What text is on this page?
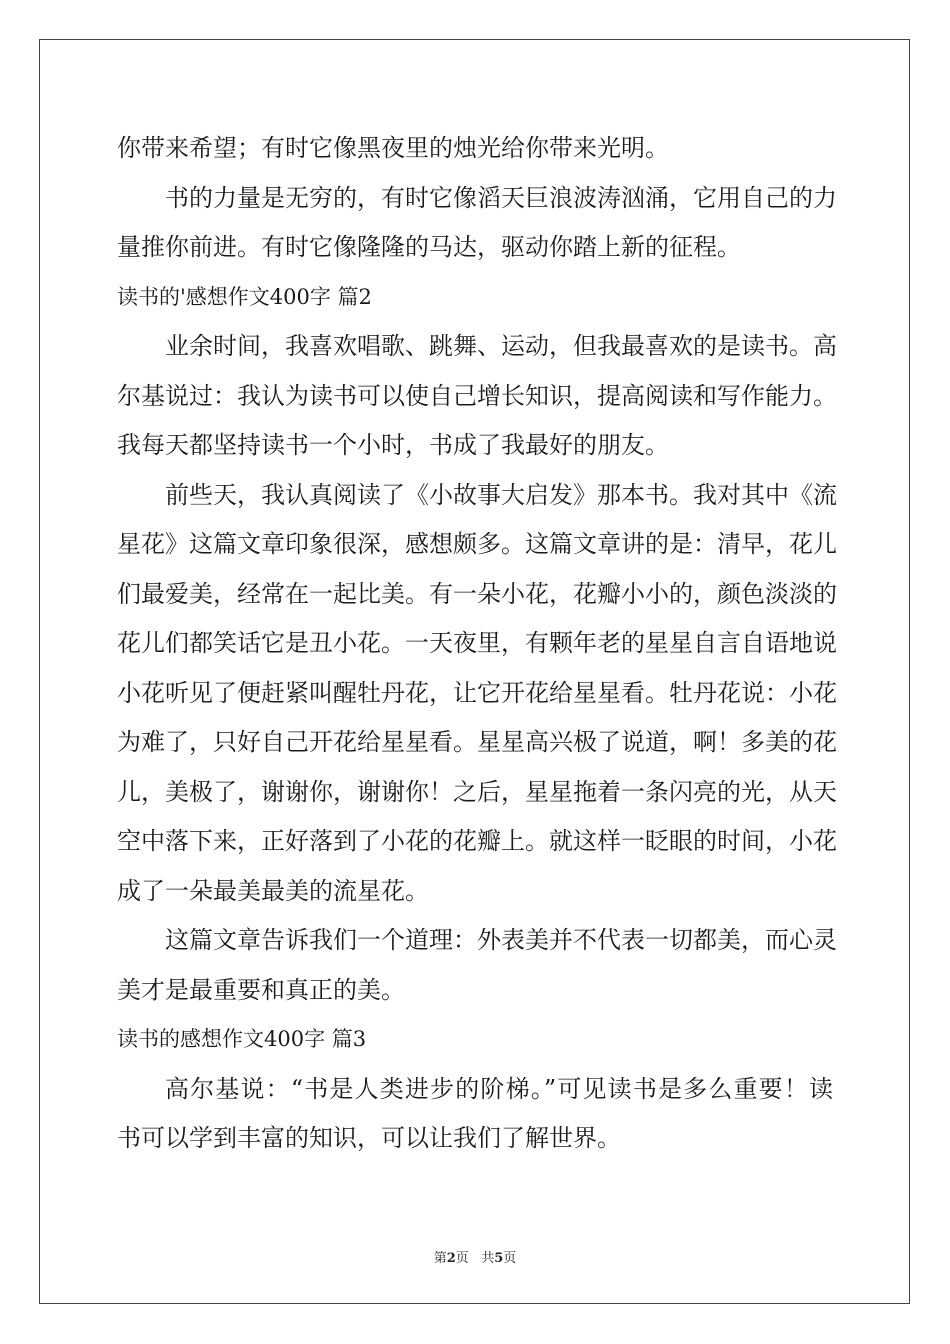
你带来希望；有时它像黑夜里的烛光给你带来光明。
书的力量是无穷的，有时它像滔天巨浪波涛汹涌，它用自己的力
量推你前进。有时它像隆隆的马达，驱动你踏上新的征程。
读书的'感想作文400字 篇2
业余时间，我喜欢唱歌、跳舞、运动，但我最喜欢的是读书。高
尔基说过：我认为读书可以使自己增长知识，提高阅读和写作能力。
我每天都坚持读书一个小时，书成了我最好的朋友。
前些天，我认真阅读了《小故事大启发》那本书。我对其中《流
星花》这篇文章印象很深，感想颇多。这篇文章讲的是：清早，花儿
们最爱美，经常在一起比美。有一朵小花，花瓣小小的，颜色淡淡的
花儿们都笑话它是丑小花。一天夜里，有颗年老的星星自言自语地说
小花听见了便赶紧叫醒牡丹花，让它开花给星星看。牡丹花说：小花
为难了，只好自己开花给星星看。星星高兴极了说道，啊！多美的花
儿，美极了，谢谢你，谢谢你！之后，星星拖着一条闪亮的光，从天
空中落下来，正好落到了小花的花瓣上。就这样一眨眼的时间，小花
成了一朵最美最美的流星花。
这篇文章告诉我们一个道理：外表美并不代表一切都美，而心灵
美才是最重要和真正的美。
读书的感想作文400字 篇3
高尔基说：“书是人类进步的阶梯。”可见读书是多么重要！读
书可以学到丰富的知识，可以让我们了解世界。
第2页 共5页
